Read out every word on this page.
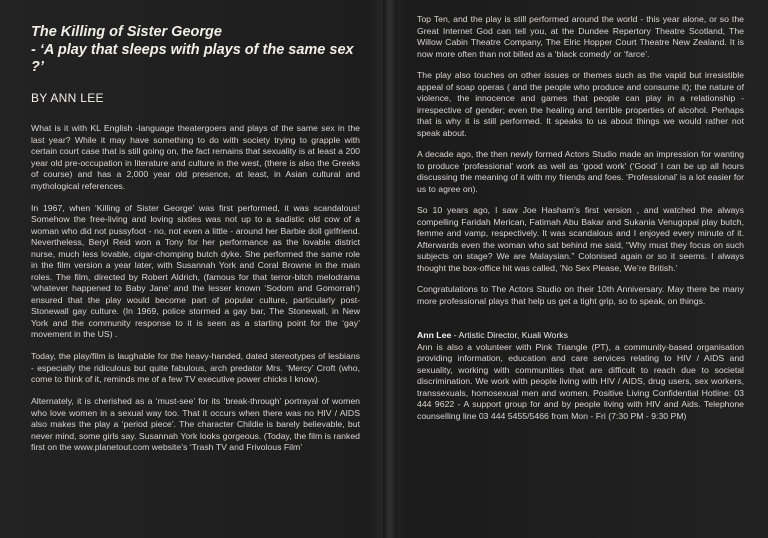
The Killing of Sister George
- ‘A play that sleeps with plays of the same sex ?’
BY ANN LEE

What is it with KL English -language theatergoers and plays of the same sex in the last year? While it may have something to do with society trying to grapple with certain court case that is still going on, the fact remains that sexuality is at least a 200 year old pre-occupation in literature and culture in the west, (there is also the Greeks of course) and has a 2,000 year old presence, at least, in Asian cultural and mythological references.

In 1967, when ‘Killing of Sister George’ was first performed, it was scandalous! Somehow the free-living and loving sixties was not up to a sadistic old cow of a woman who did not pussyfoot - no, not even a little - around her Barbie doll girlfriend. Nevertheless, Beryl Reid won a Tony for her performance as the lovable district nurse, much less lovable, cigar-chomping butch dyke. She performed the same role in the film version a year later, with Susannah York and Coral Browne in the main roles. The film, directed by Robert Aldrich, (famous for that terror-bitch melodrama ‘whatever happened to Baby Jane’ and the lesser known ‘Sodom and Gomorrah’) ensured that the play would become part of popular culture, particularly post-Stonewall gay culture. (In 1969, police stormed a gay bar, The Stonewall, in New York and the community response to it is seen as a starting point for the ‘gay’ movement in the US) .

Today, the play/film is laughable for the heavy-handed, dated stereotypes of lesbians - especially the ridiculous but quite fabulous, arch predator Mrs. ‘Mercy’ Croft (who, come to think of it, reminds me of a few TV executive power chicks I know).

Alternately, it is cherished as a ‘must-see’ for its ‘break-through’ portrayal of women who love women in a sexual way too. That it occurs when there was no HIV / AIDS also makes the play a ‘period piece’. The character Childie is barely believable, but never mind, some girls say. Susannah York looks gorgeous. (Today, the film is ranked first on the www.planetout.com website’s ‘Trash TV and Frivolous Film’

Top Ten, and the play is still performed around the world - this year alone, or so the Great Internet God can tell you, at the Dundee Repertory Theatre Scotland, The Willow Cabin Theatre Company, The Elric Hopper Court Theatre New Zealand. It is now more often than not billed as a ‘black comedy’ or ‘farce’.

The play also touches on other issues or themes such as the vapid but irresistible appeal of soap operas ( and the people who produce and consume it); the nature of violence, the innocence and games that people can play in a relationship - irrespective of gender; even the healing and terrible properties of alcohol. Perhaps that is why it is still performed. It speaks to us about things we would rather not speak about.

A decade ago, the then newly formed Actors Studio made an impression for wanting to produce ‘professional’ work as well as ‘good work’ (‘Good’ I can be up all hours discussing the meaning of it with my friends and foes. ‘Professional’ is a lot easier for us to agree on).

So 10 years ago, I saw Joe Hasham’s first version , and watched the always compelling Faridah Merican, Fatimah Abu Bakar and Sukania Venugopal play butch, femme and vamp, respectively. It was scandalous and I enjoyed every minute of it. Afterwards even the woman who sat behind me said, “Why must they focus on such subjects on stage? We are Malaysian.” Colonised again or so it seems. I always thought the box-office hit was called, ‘No Sex Please, We’re British.’

Congratulations to The Actors Studio on their 10th Anniversary. May there be many more professional plays that help us get a tight grip, so to speak, on things.

Ann Lee - Artistic Director, Kuali Works

Ann is also a volunteer with Pink Triangle (PT), a community-based organisation providing information, education and care services relating to HIV / AIDS and sexuality, working with communities that are difficult to reach due to societal discrimination. We work with people living with HIV / AIDS, drug users, sex workers, transsexuals, homosexual men and women. Positive Living Confidential Hotline: 03 444 9622 - A support group for and by people living with HIV and Aids. Telephone counselling line 03 444 5455/5466 from Mon - Fri (7:30 PM - 9:30 PM)
